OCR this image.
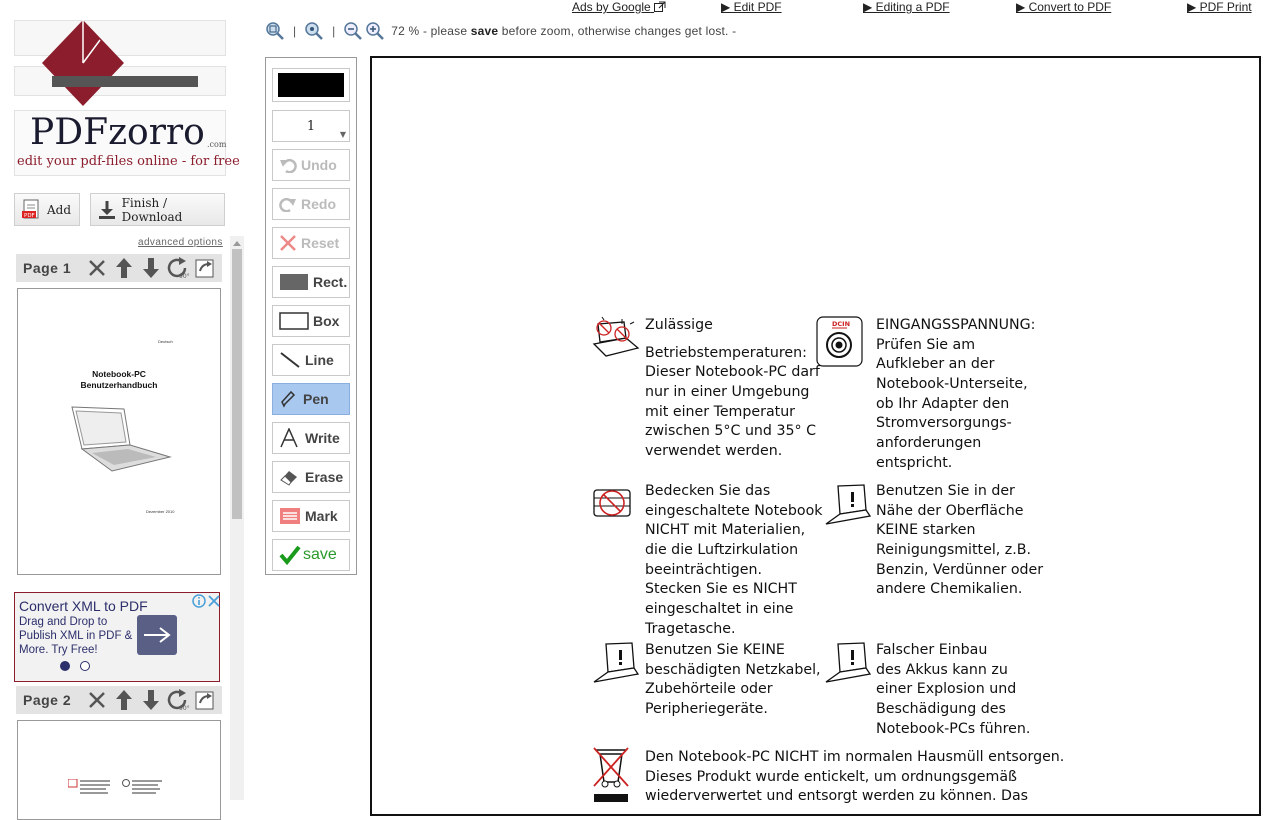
PDFzorro .com
edit your pdf-files online - for free
PDF Add	Finish / Download
advanced options
Page 1
90°
Deutsch
Notebook-PC
Benutzerhandbuch
Dezember 2010
Convert XML to PDF
Drag and Drop to Publish XML in PDF & More. Try Free!
Page 2
90°
Ads by Google	▶ Edit PDF	▶ Editing a PDF	▶ Convert to PDF	▶ PDF Print
|	|	72 % - please save before zoom, otherwise changes get lost. -
1
▼
Undo
Redo
Reset
Rect.
Box
Line
Pen
Write
Erase
Mark
save
DCIN
Zulässige
Betriebstemperaturen:
Dieser Notebook-PC darf
nur in einer Umgebung
mit einer Temperatur
zwischen 5°C und 35° C
verwendet werden.
EINGANGSSPANNUNG:
Prüfen Sie am
Aufkleber an der
Notebook-Unterseite,
ob Ihr Adapter den
Stromversorgungs-
anforderungen
entspricht.
Bedecken Sie das
eingeschaltete Notebook
NICHT mit Materialien,
die die Luftzirkulation
beeinträchtigen.
Stecken Sie es NICHT
eingeschaltet in eine
Tragetasche.
Benutzen Sie in der
Nähe der Oberfläche
KEINE starken
Reinigungsmittel, z.B.
Benzin, Verdünner oder
andere Chemikalien.
Benutzen Sie KEINE
beschädigten Netzkabel,
Zubehörteile oder
Peripheriegeräte.
Falscher Einbau
des Akkus kann zu
einer Explosion und
Beschädigung des
Notebook-PCs führen.
Den Notebook-PC NICHT im normalen Hausmüll entsorgen.
Dieses Produkt wurde entickelt, um ordnungsgemäß
wiederverwertet und entsorgt werden zu können. Das
